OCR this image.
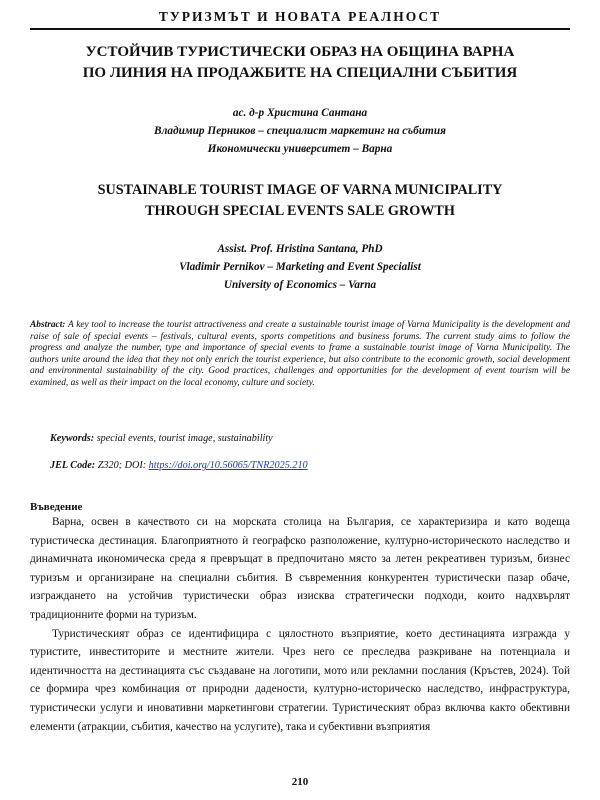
ТУРИЗМЪТ И НОВАТА РЕАЛНОСТ
УСТОЙЧИВ ТУРИСТИЧЕСКИ ОБРАЗ НА ОБЩИНА ВАРНА
ПО ЛИНИЯ НА ПРОДАЖБИТЕ НА СПЕЦИАЛНИ СЪБИТИЯ
ас. д-р Христина Сантана
Владимир Перников – специалист маркетинг на събития
Икономически университет – Варна
SUSTAINABLE TOURIST IMAGE OF VARNA MUNICIPALITY
THROUGH SPECIAL EVENTS SALE GROWTH
Assist. Prof. Hristina Santana, PhD
Vladimir Pernikov – Marketing and Event Specialist
University of Economics – Varna
Abstract: A key tool to increase the tourist attractiveness and create a sustainable tourist image of Varna Municipality is the development and raise of sale of special events – festivals, cultural events, sports competitions and business forums. The current study aims to follow the progress and analyze the number, type and importance of special events to frame a sustainable tourist image of Varna Municipality. The authors unite around the idea that they not only enrich the tourist experience, but also contribute to the economic growth, social development and environmental sustainability of the city. Good practices, challenges and opportunities for the development of event tourism will be examined, as well as their impact on the local economy, culture and society.
Keywords: special events, tourist image, sustainability
JEL Code: Z320; DOI: https://doi.org/10.56065/TNR2025.210
Въведение

Варна, освен в качеството си на морската столица на България, се характеризира и като водеща туристическа дестинация. Благоприятното ѝ географско разположение, културно-историческото наследство и динамичната икономическа среда я превръщат в предпочитано място за летен рекреативен туризъм, бизнес туризъм и организиране на специални събития. В съвременния конкурентен туристически пазар обаче, изграждането на устойчив туристически образ изисква стратегически подходи, които надхвърлят традиционните форми на туризъм.

Туристическият образ се идентифицира с цялостното възприятие, което дестинацията изгражда у туристите, инвеститорите и местните жители. Чрез него се преследва разкриване на потенциала и идентичността на дестинацията със създаване на логотипи, мото или рекламни послания (Кръстев, 2024). Той се формира чрез комбинация от природни дадености, културно-историческо наследство, инфраструктура, туристически услуги и иновативни маркетингови стратегии. Туристическият образ включва както обективни елементи (атракции, събития, качество на услугите), така и субективни възприятия

210
